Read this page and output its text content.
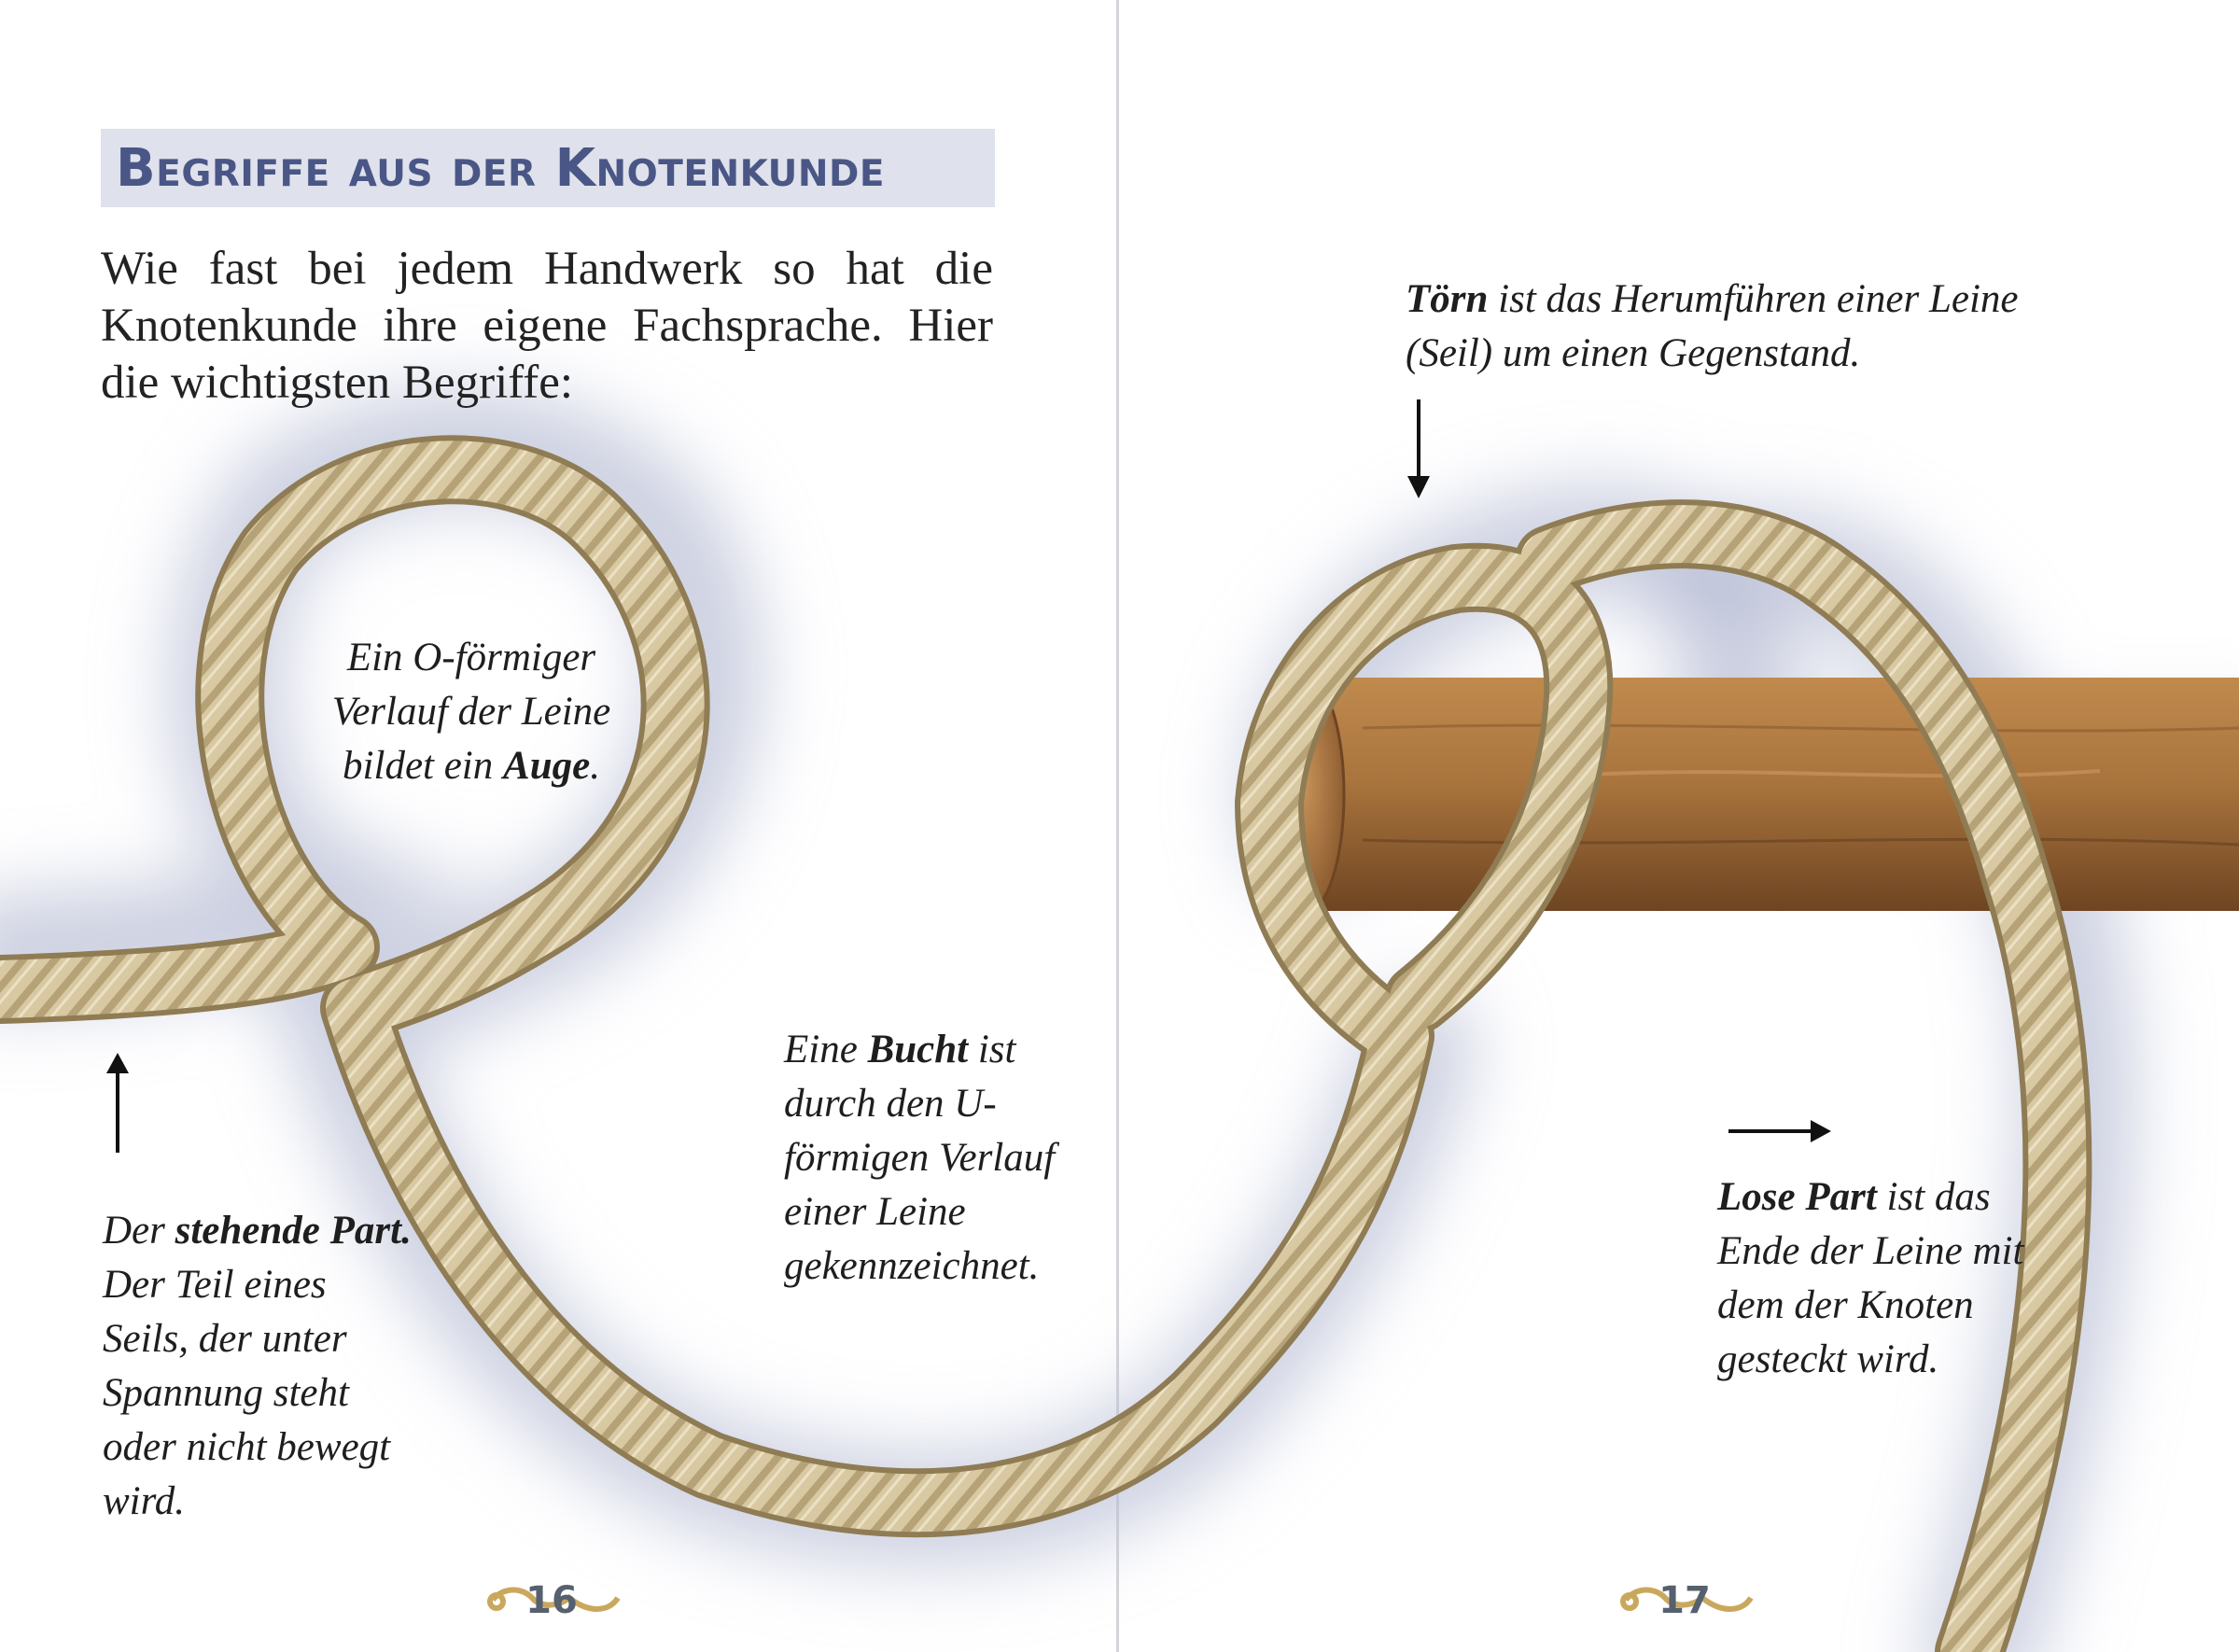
Begriffe aus der Knotenkunde

Wie fast bei jedem Handwerk so hat die Knotenkunde ihre eigene Fachsprache. Hier die wichtigsten Begriffe:

Ein O-förmiger
Verlauf der Leine
bildet ein Auge.

Der stehende Part. Der Teil eines Seils, der unter Spannung steht oder nicht bewegt wird.

Eine Bucht ist durch den U-förmigen Verlauf einer Leine gekennzeichnet.

Törn ist das Herumführen einer Leine (Seil) um einen Gegenstand.

Lose Part ist das Ende der Leine mit dem der Knoten gesteckt wird.

16	17
